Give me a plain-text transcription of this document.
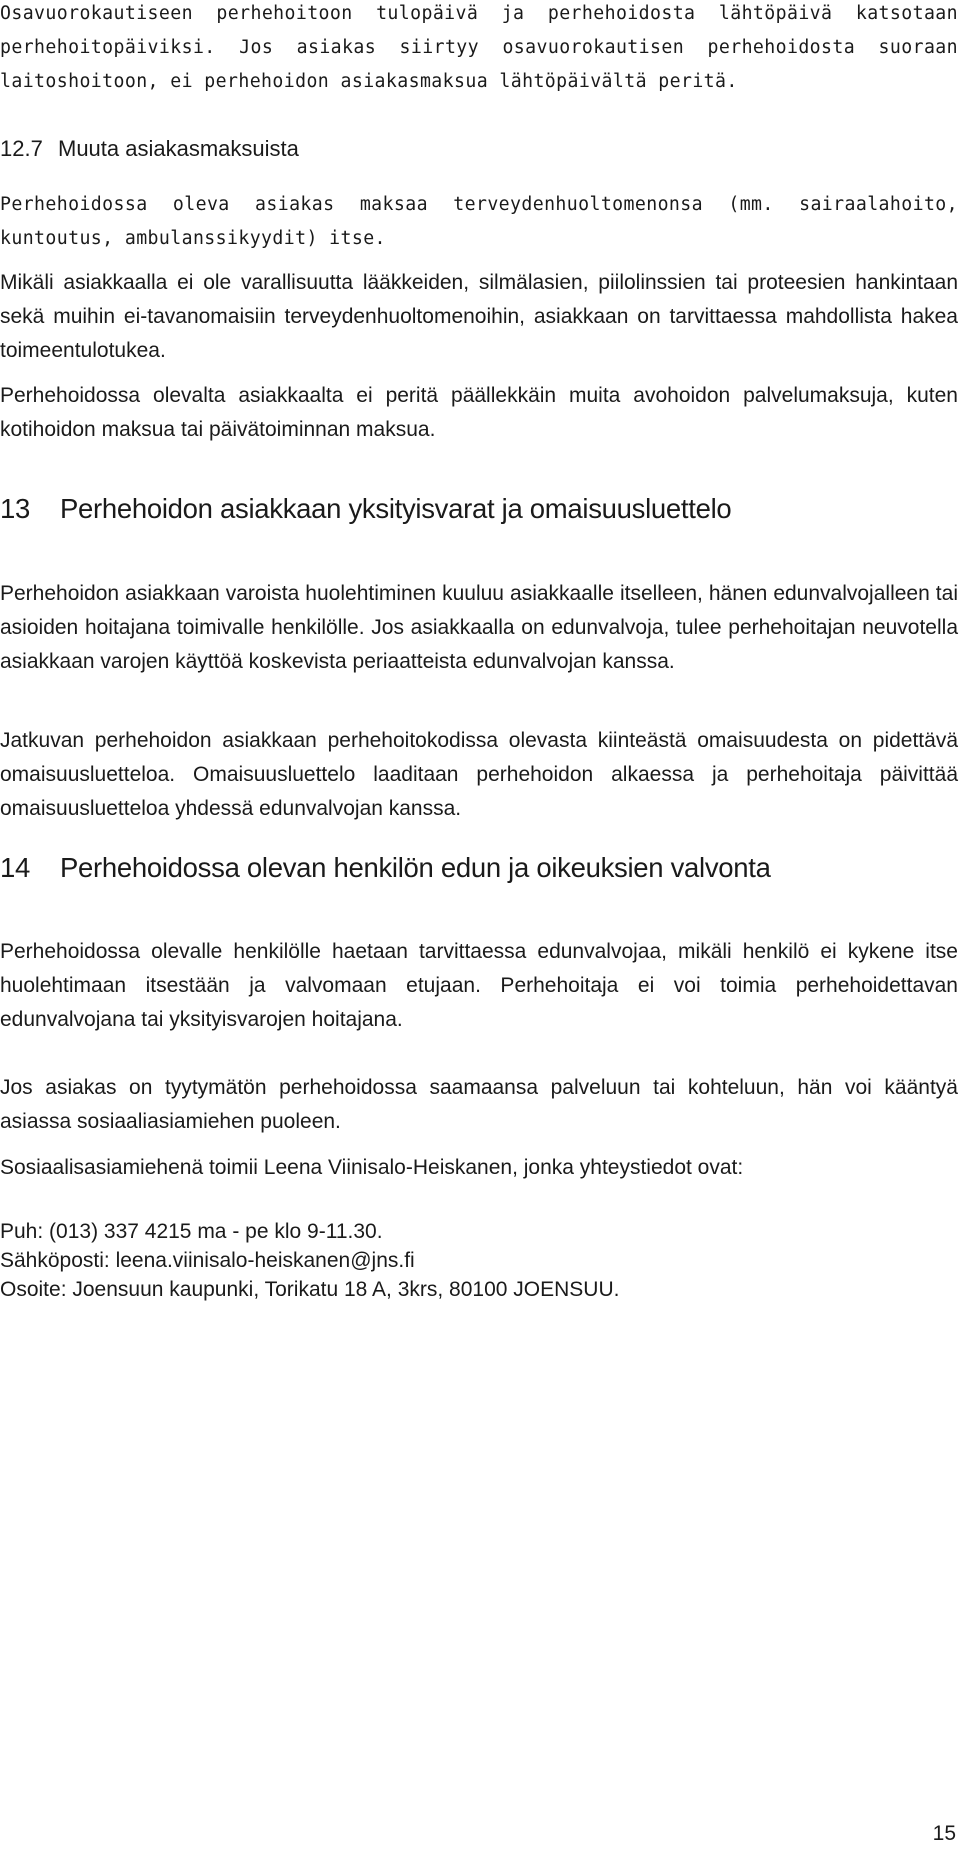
Osavuorokautiseen perhehoitoon tulopäivä ja perhehoidosta lähtöpäivä katsotaan perhehoitopäiviksi. Jos asiakas siirtyy osavuorokautisen perhehoidosta suoraan laitoshoitoon, ei perhehoidon asiakasmaksua lähtöpäivältä peritä.

12.7 Muuta asiakasmaksuista

Perhehoidossa oleva asiakas maksaa terveydenhuoltomenonsa (mm. sairaalahoito, kuntoutus, ambulanssikyydit) itse.

Mikäli asiakkaalla ei ole varallisuutta lääkkeiden, silmälasien, piilolinssien tai proteesien hankintaan sekä muihin ei-tavanomaisiin terveydenhuoltomenoihin, asiakkaan on tarvittaessa mahdollista hakea toimeentulotukea.

Perhehoidossa olevalta asiakkaalta ei peritä päällekkäin muita avohoidon palvelumaksuja, kuten kotihoidon maksua tai päivätoiminnan maksua.

13 Perhehoidon asiakkaan yksityisvarat ja omaisuusluettelo

Perhehoidon asiakkaan varoista huolehtiminen kuuluu asiakkaalle itselleen, hänen edunvalvojalleen tai asioiden hoitajana toimivalle henkilölle. Jos asiakkaalla on edunvalvoja, tulee perhehoitajan neuvotella asiakkaan varojen käyttöä koskevista periaatteista edunvalvojan kanssa.

Jatkuvan perhehoidon asiakkaan perhehoitokodissa olevasta kiinteästä omaisuudesta on pidettävä omaisuusluetteloa. Omaisuusluettelo laaditaan perhehoidon alkaessa ja perhehoitaja päivittää omaisuusluetteloa yhdessä edunvalvojan kanssa.

14 Perhehoidossa olevan henkilön edun ja oikeuksien valvonta

Perhehoidossa olevalle henkilölle haetaan tarvittaessa edunvalvojaa, mikäli henkilö ei kykene itse huolehtimaan itsestään ja valvomaan etujaan. Perhehoitaja ei voi toimia perhehoidettavan edunvalvojana tai yksityisvarojen hoitajana.

Jos asiakas on tyytymätön perhehoidossa saamaansa palveluun tai kohteluun, hän voi kääntyä asiassa sosiaaliasiamiehen puoleen.

Sosiaalisasiamiehenä toimii Leena Viinisalo-Heiskanen, jonka yhteystiedot ovat:

Puh: (013) 337 4215 ma - pe klo 9-11.30.
Sähköposti: leena.viinisalo-heiskanen@jns.fi
Osoite: Joensuun kaupunki, Torikatu 18 A, 3krs, 80100 JOENSUU.
15
